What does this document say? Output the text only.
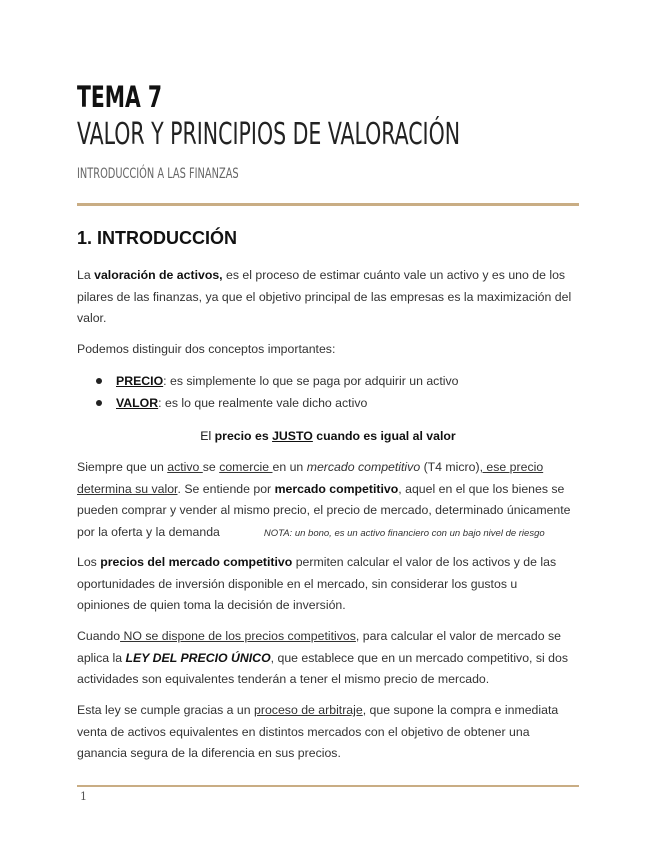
TEMA 7
VALOR Y PRINCIPIOS DE VALORACIÓN
INTRODUCCIÓN A LAS FINANZAS
1. INTRODUCCIÓN
La valoración de activos, es el proceso de estimar cuánto vale un activo y es uno de los
pilares de las finanzas, ya que el objetivo principal de las empresas es la maximización del
valor.
Podemos distinguir dos conceptos importantes:
PRECIO: es simplemente lo que se paga por adquirir un activo
VALOR: es lo que realmente vale dicho activo
El precio es JUSTO cuando es igual al valor
Siempre que un activo se comercie en un mercado competitivo (T4 micro), ese precio
determina su valor. Se entiende por mercado competitivo, aquel en el que los bienes se
pueden comprar y vender al mismo precio, el precio de mercado, determinado únicamente
por la oferta y la demanda	NOTA: un bono, es un activo financiero con un bajo nivel de riesgo
Los precios del mercado competitivo permiten calcular el valor de los activos y de las
oportunidades de inversión disponible en el mercado, sin considerar los gustos u
opiniones de quien toma la decisión de inversión.
Cuando NO se dispone de los precios competitivos, para calcular el valor de mercado se
aplica la LEY DEL PRECIO ÚNICO, que establece que en un mercado competitivo, si dos
actividades son equivalentes tenderán a tener el mismo precio de mercado.
Esta ley se cumple gracias a un proceso de arbitraje, que supone la compra e inmediata
venta de activos equivalentes en distintos mercados con el objetivo de obtener una
ganancia segura de la diferencia en sus precios.
1
